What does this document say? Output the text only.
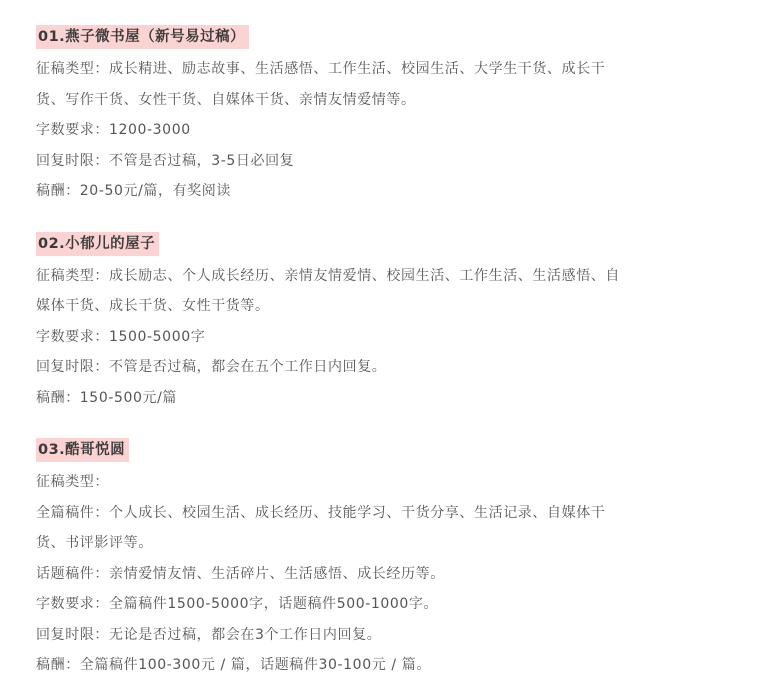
01.燕子微书屋（新号易过稿）
征稿类型：成长精进、励志故事、生活感悟、工作生活、校园生活、大学生干货、成长干
货、写作干货、女性干货、自媒体干货、亲情友情爱情等。
字数要求：1200-3000
回复时限：不管是否过稿，3-5日必回复
稿酬：20-50元/篇，有奖阅读
02.小郁儿的屋子
征稿类型：成长励志、个人成长经历、亲情友情爱情、校园生活、工作生活、生活感悟、自
媒体干货、成长干货、女性干货等。
字数要求：1500-5000字
回复时限：不管是否过稿，都会在五个工作日内回复。
稿酬：150-500元/篇
03.酷哥悦圆
征稿类型：
全篇稿件：个人成长、校园生活、成长经历、技能学习、干货分享、生活记录、自媒体干
货、书评影评等。
话题稿件：亲情爱情友情、生活碎片、生活感悟、成长经历等。
字数要求：全篇稿件1500-5000字，话题稿件500-1000字。
回复时限：无论是否过稿，都会在3个工作日内回复。
稿酬：全篇稿件100-300元 / 篇，话题稿件30-100元 / 篇。
